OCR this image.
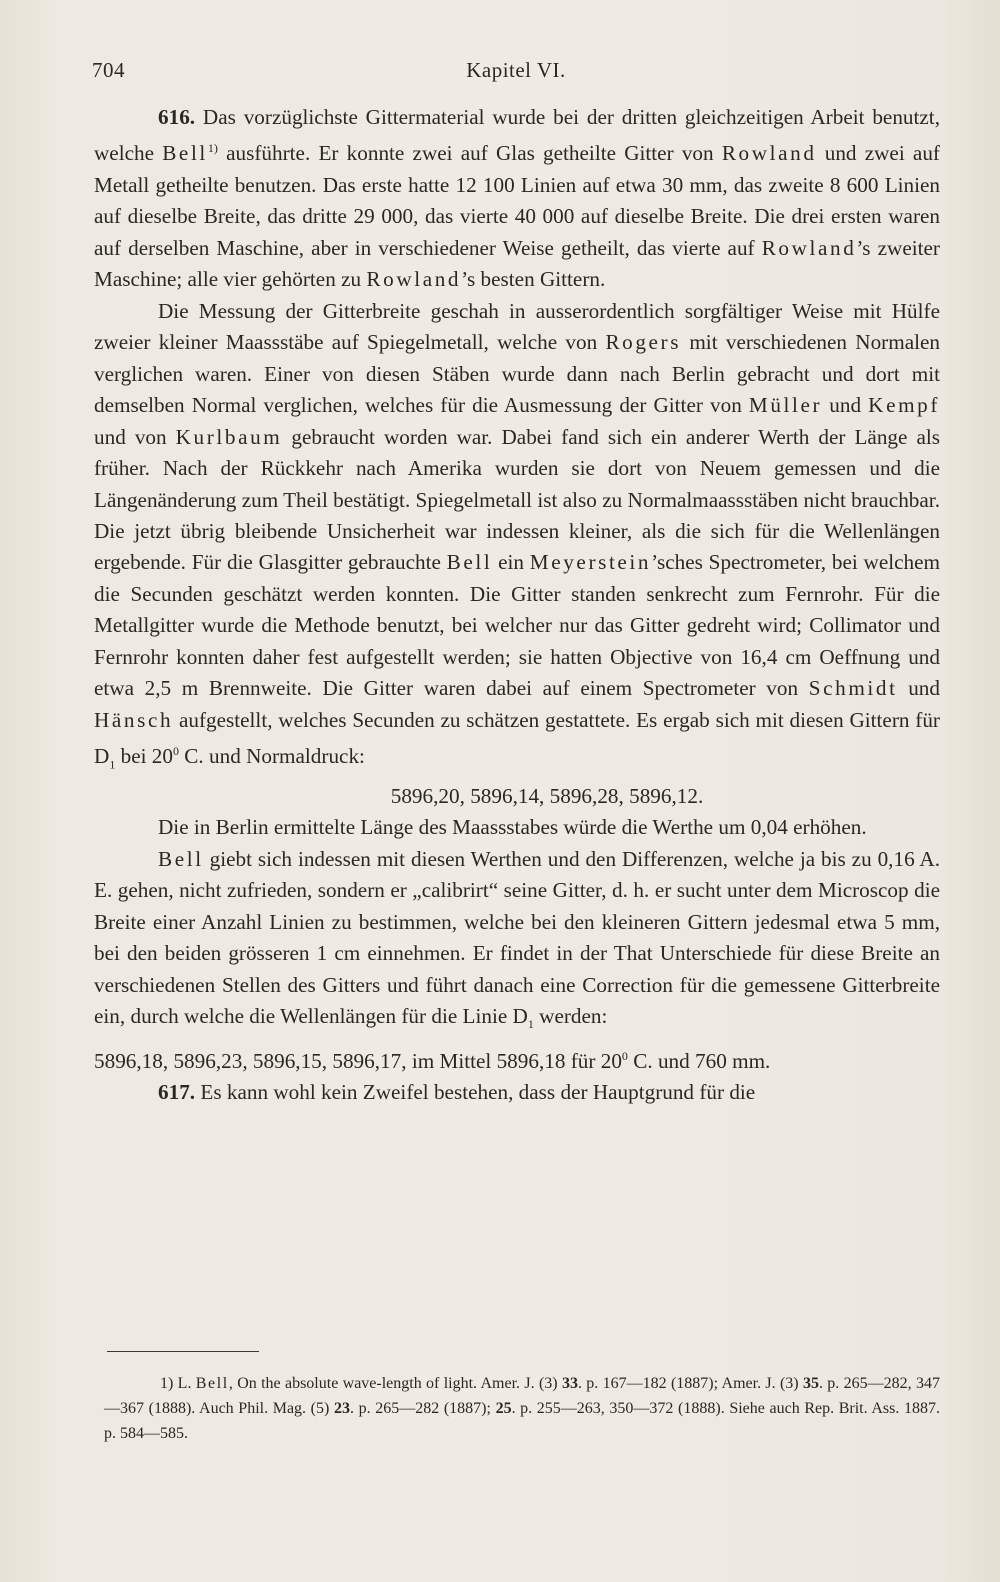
704	Kapitel VI.

616. Das vorzüglichste Gittermaterial wurde bei der dritten gleichzeitigen Arbeit benutzt, welche Bell$^{1)}$ ausführte. Er konnte zwei auf Glas getheilte Gitter von Rowland und zwei auf Metall getheilte benutzen. Das erste hatte 12 100 Linien auf etwa 30 mm, das zweite 8 600 Linien auf dieselbe Breite, das dritte 29 000, das vierte 40 000 auf dieselbe Breite. Die drei ersten waren auf derselben Maschine, aber in verschiedener Weise getheilt, das vierte auf Rowland’s zweiter Maschine; alle vier gehörten zu Rowland’s besten Gittern.

Die Messung der Gitterbreite geschah in ausserordentlich sorgfältiger Weise mit Hülfe zweier kleiner Maassstäbe auf Spiegelmetall, welche von Rogers mit verschiedenen Normalen verglichen waren. Einer von diesen Stäben wurde dann nach Berlin gebracht und dort mit demselben Normal verglichen, welches für die Ausmessung der Gitter von Müller und Kempf und von Kurlbaum gebraucht worden war. Dabei fand sich ein anderer Werth der Länge als früher. Nach der Rückkehr nach Amerika wurden sie dort von Neuem gemessen und die Längenänderung zum Theil bestätigt. Spiegelmetall ist also zu Normalmaassstäben nicht brauchbar. Die jetzt übrig bleibende Unsicherheit war indessen kleiner, als die sich für die Wellenlängen ergebende. Für die Glasgitter gebrauchte Bell ein Meyerstein’sches Spectrometer, bei welchem die Secunden geschätzt werden konnten. Die Gitter standen senkrecht zum Fernrohr. Für die Metallgitter wurde die Methode benutzt, bei welcher nur das Gitter gedreht wird; Collimator und Fernrohr konnten daher fest aufgestellt werden; sie hatten Objective von 16,4 cm Oeffnung und etwa 2,5 m Brennweite. Die Gitter waren dabei auf einem Spectrometer von Schmidt und Hänsch aufgestellt, welches Secunden zu schätzen gestattete. Es ergab sich mit diesen Gittern für $D_1$ bei $20^0$ C. und Normaldruck:

5896,20, 5896,14, 5896,28, 5896,12.

Die in Berlin ermittelte Länge des Maassstabes würde die Werthe um 0,04 erhöhen.

Bell giebt sich indessen mit diesen Werthen und den Differenzen, welche ja bis zu 0,16 A. E. gehen, nicht zufrieden, sondern er „calibrirt“ seine Gitter, d. h. er sucht unter dem Microscop die Breite einer Anzahl Linien zu bestimmen, welche bei den kleineren Gittern jedesmal etwa 5 mm, bei den beiden grösseren 1 cm einnehmen. Er findet in der That Unterschiede für diese Breite an verschiedenen Stellen des Gitters und führt danach eine Correction für die gemessene Gitterbreite ein, durch welche die Wellenlängen für die Linie $D_1$ werden:

5896,18, 5896,23, 5896,15, 5896,17, im Mittel 5896,18 für $20^0$ C. und 760 mm.

617. Es kann wohl kein Zweifel bestehen, dass der Hauptgrund für die

1) L. Bell, On the absolute wave-length of light. Amer. J. (3) 33. p. 167—182 (1887); Amer. J. (3) 35. p. 265—282, 347—367 (1888). Auch Phil. Mag. (5) 23. p. 265—282 (1887); 25. p. 255—263, 350—372 (1888). Siehe auch Rep. Brit. Ass. 1887. p. 584—585.
